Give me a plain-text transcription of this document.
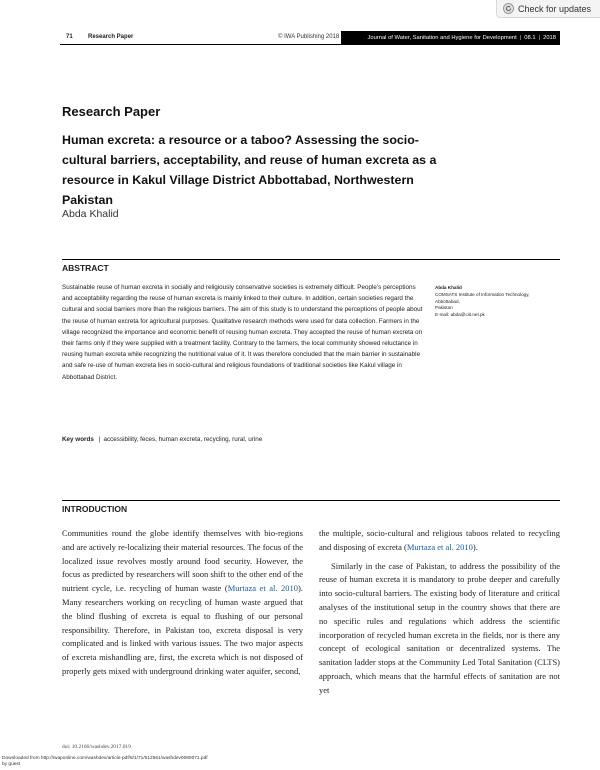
Check for updates
71	Research Paper	© IWA Publishing 2018	Journal of Water, Sanitation and Hygiene for Development | 08.1 | 2018
Research Paper
Human excreta: a resource or a taboo? Assessing the socio-cultural barriers, acceptability, and reuse of human excreta as a resource in Kakul Village District Abbottabad, Northwestern Pakistan
Abda Khalid
ABSTRACT
Sustainable reuse of human excreta in socially and religiously conservative societies is extremely difficult. People’s perceptions and acceptability regarding the reuse of human excreta is mainly linked to their culture. In addition, certain societies regard the cultural and social barriers more than the religious barriers. The aim of this study is to understand the perceptions of people about the reuse of human excreta for agricultural purposes. Qualitative research methods were used for data collection. Farmers in the village recognized the importance and economic benefit of reusing human excreta. They accepted the reuse of human excreta on their farms only if they were supplied with a treatment facility. Contrary to the farmers, the local community showed reluctance in reusing human excreta while recognizing the nutritional value of it. It was therefore concluded that the main barrier in sustainable and safe re-use of human excreta lies in socio-cultural and religious foundations of traditional societies like Kakul village in Abbottabad District.
Key words | accessibility, feces, human excreta, recycling, rural, urine
Abda Khalid
COMSATS Institute of Information Technology,
Abbottabad,
Pakistan
E-mail: abda@ciit.net.pk
INTRODUCTION

Communities round the globe identify themselves with bio-regions and are actively re-localizing their material resources. The focus of the localized issue revolves mostly around food security. However, the focus as predicted by researchers will soon shift to the other end of the nutrient cycle, i.e. recycling of human waste (Murtaza et al. 2010). Many researchers working on recycling of human waste argued that the blind flushing of excreta is equal to flushing of our personal responsibility. Therefore, in Pakistan too, excreta disposal is very complicated and is linked with various issues. The two major aspects of excreta mishandling are, first, the excreta which is not disposed of properly gets mixed with underground drinking water aquifer, second,

the multiple, socio-cultural and religious taboos related to recycling and disposing of excreta (Murtaza et al. 2010).

Similarly in the case of Pakistan, to address the possibility of the reuse of human excreta it is mandatory to probe deeper and carefully into socio-cultural barriers. The existing body of literature and critical analyses of the institutional setup in the country shows that there are no specific rules and regulations which address the scientific incorporation of recycled human excreta in the fields, nor is there any concept of ecological sanitation or decentralized systems. The sanitation ladder stops at the Community Led Total Sanitation (CLTS) approach, which means that the harmful effects of sanitation are not yet

doi: 10.2166/washdev.2017.019
Downloaded from http://iwaponline.com/washdev/article-pdf/8/1/71/512561/washdev0080071.pdf
by guest
